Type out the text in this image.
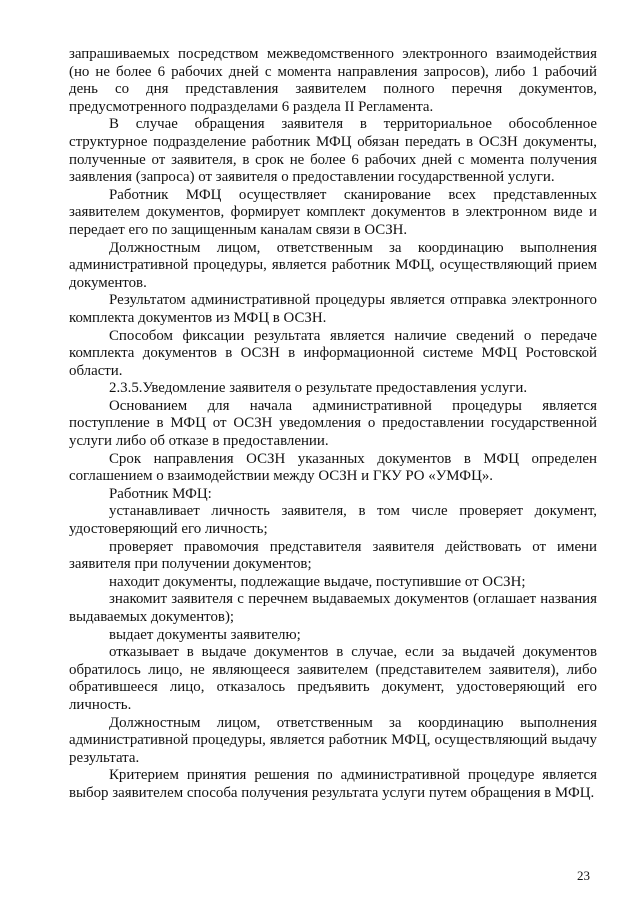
запрашиваемых посредством межведомственного электронного взаимодействия (но не более 6 рабочих дней с момента направления запросов), либо 1 рабочий день со дня представления заявителем полного перечня документов, предусмотренного подразделами 6 раздела II Регламента.

В случае обращения заявителя в территориальное обособленное структурное подразделение работник МФЦ обязан передать в ОСЗН документы, полученные от заявителя, в срок не более 6 рабочих дней с момента получения заявления (запроса) от заявителя о предоставлении государственной услуги.

Работник МФЦ осуществляет сканирование всех представленных заявителем документов, формирует комплект документов в электронном виде и передает его по защищенным каналам связи в ОСЗН.

Должностным лицом, ответственным за координацию выполнения административной процедуры, является работник МФЦ, осуществляющий прием документов.

Результатом административной процедуры является отправка электронного комплекта документов из МФЦ в ОСЗН.

Способом фиксации результата является наличие сведений о передаче комплекта документов в ОСЗН в информационной системе МФЦ Ростовской области.

2.3.5.Уведомление заявителя о результате предоставления услуги.

Основанием для начала административной процедуры является поступление в МФЦ от ОСЗН уведомления о предоставлении государственной услуги либо об отказе в предоставлении.

Срок направления ОСЗН указанных документов в МФЦ определен соглашением о взаимодействии между ОСЗН и ГКУ РО «УМФЦ».

Работник МФЦ:

устанавливает личность заявителя, в том числе проверяет документ, удостоверяющий его личность;

проверяет правомочия представителя заявителя действовать от имени заявителя при получении документов;

находит документы, подлежащие выдаче, поступившие от ОСЗН;

знакомит заявителя с перечнем выдаваемых документов (оглашает названия выдаваемых документов);

выдает документы заявителю;

отказывает в выдаче документов в случае, если за выдачей документов обратилось лицо, не являющееся заявителем (представителем заявителя), либо обратившееся лицо, отказалось предъявить документ, удостоверяющий его личность.

Должностным лицом, ответственным за координацию выполнения административной процедуры, является работник МФЦ, осуществляющий выдачу результата.

Критерием принятия решения по административной процедуре является выбор заявителем способа получения результата услуги путем обращения в МФЦ.

23
